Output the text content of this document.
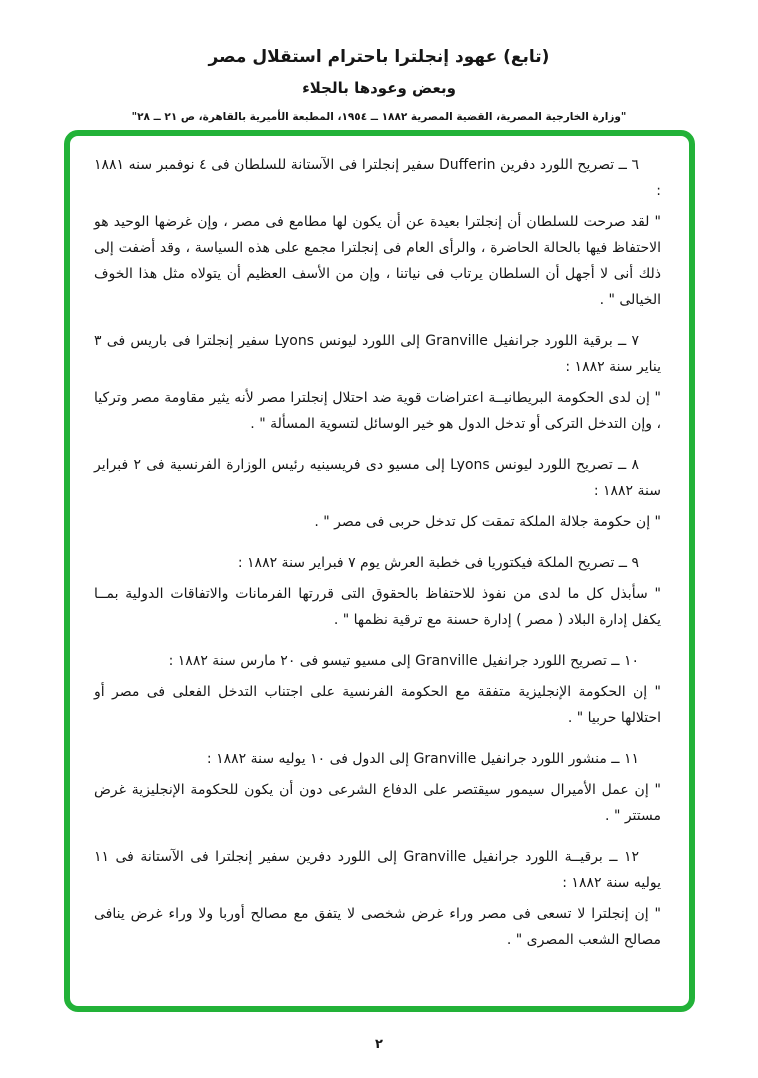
(تابع) عهود إنجلترا باحترام استقلال مصر
وبعض وعودها بالجلاء
"وزارة الخارجية المصرية، القضية المصرية ١٨٨٢ ــ ١٩٥٤، المطبعة الأميرية بالقاهرة، ص ٢١ ــ ٢٨"
٦ ــ تصريح اللورد دفرين Dufferin سفير إنجلترا فى الآستانة للسلطان فى ٤ نوفمبر سنه ١٨٨١ :

" لقد صرحت للسلطان أن إنجلترا بعيدة عن أن يكون لها مطامع فى مصر ، وإن غرضها الوحيد هو الاحتفاظ فيها بالحالة الحاضرة ، والرأى العام فى إنجلترا مجمع على هذه السياسة ، وقد أضفت إلى ذلك أنى لا أجهل أن السلطان يرتاب فى نياتنا ، وإن من الأسف العظيم أن يتولاه مثل هذا الخوف الخيالى " .

٧ ــ برقية اللورد جرانفيل Granville إلى اللورد ليونس Lyons سفير إنجلترا فى باريس فى ٣ يناير سنة ١٨٨٢ :

" إن لدى الحكومة البريطانيــة اعتراضات قوية ضد احتلال إنجلترا مصر لأنه يثير مقاومة مصر وتركيا ، وإن التدخل التركى أو تدخل الدول هو خير الوسائل لتسوية المسألة " .

٨ ــ تصريح اللورد ليونس Lyons إلى مسيو دى فريسينيه رئيس الوزارة الفرنسية فى ٢ فبراير سنة ١٨٨٢ :

" إن حكومة جلالة الملكة تمقت كل تدخل حربى فى مصر " .

٩ ــ تصريح الملكة فيكتوريا فى خطبة العرش يوم ٧ فبراير سنة ١٨٨٢ :

" سأبذل كل ما لدى من نفوذ للاحتفاظ بالحقوق التى قررتها الفرمانات والاتفاقات الدولية بمــا يكفل إدارة البلاد ( مصر ) إدارة حسنة مع ترقية نظمها " .

١٠ ــ تصريح اللورد جرانفيل Granville إلى مسيو تيسو فى ٢٠ مارس سنة ١٨٨٢ :

" إن الحكومة الإنجليزية متفقة مع الحكومة الفرنسية على اجتناب التدخل الفعلى فى مصر أو احتلالها حربيا " .

١١ ــ منشور اللورد جرانفيل Granville إلى الدول فى ١٠ يوليه سنة ١٨٨٢ :

" إن عمل الأميرال سيمور سيقتصر على الدفاع الشرعى دون أن يكون للحكومة الإنجليزية غرض مستتر " .

١٢ ــ برقيــة اللورد جرانفيل Granville إلى اللورد دفرين سفير إنجلترا فى الآستانة فى ١١ يوليه سنة ١٨٨٢ :

" إن إنجلترا لا تسعى فى مصر وراء غرض شخصى لا يتفق مع مصالح أوربا ولا وراء غرض ينافى مصالح الشعب المصرى " .

٢
